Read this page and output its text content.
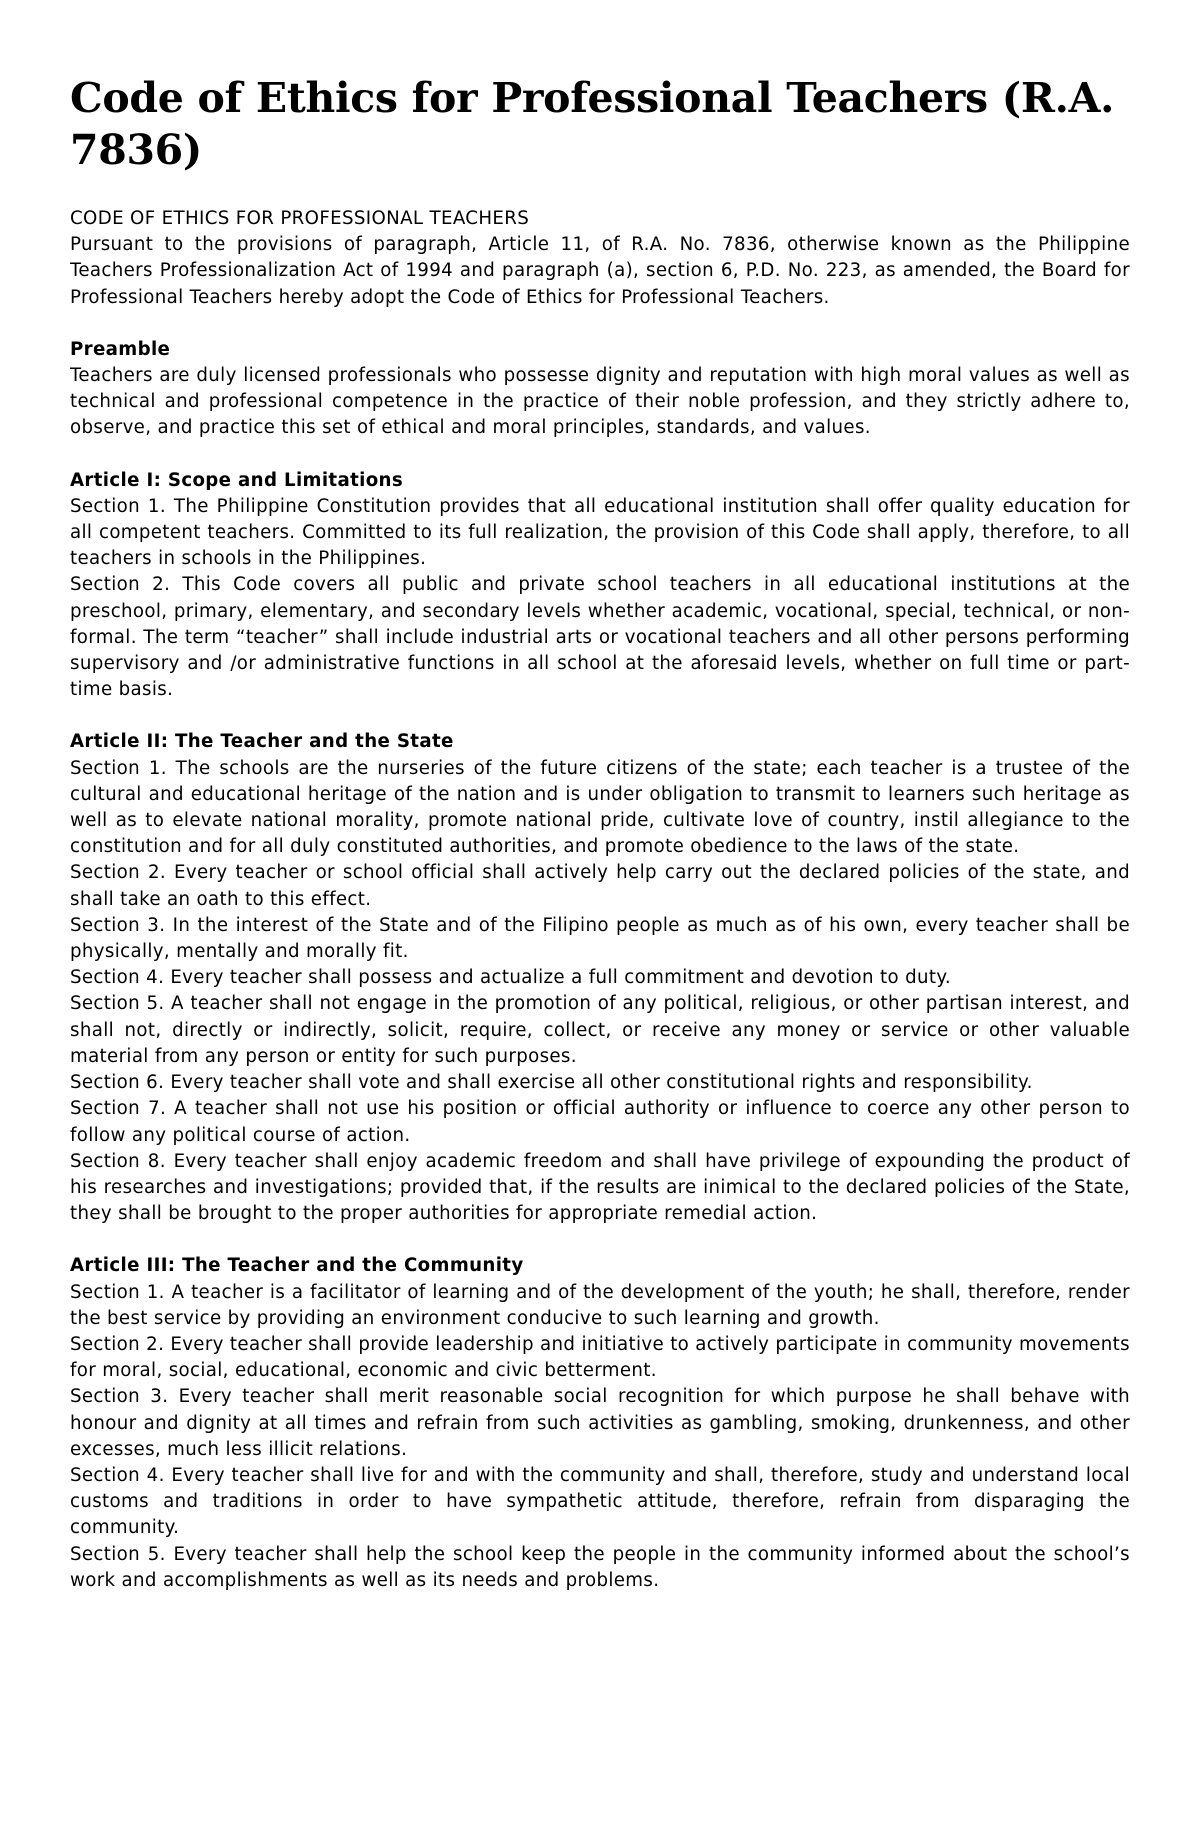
Code of Ethics for Professional Teachers (R.A. 7836)

CODE OF ETHICS FOR PROFESSIONAL TEACHERS

Pursuant to the provisions of paragraph, Article 11, of R.A. No. 7836, otherwise known as the Philippine Teachers Professionalization Act of 1994 and paragraph (a), section 6, P.D. No. 223, as amended, the Board for Professional Teachers hereby adopt the Code of Ethics for Professional Teachers.

Preamble

Teachers are duly licensed professionals who possesse dignity and reputation with high moral values as well as technical and professional competence in the practice of their noble profession, and they strictly adhere to, observe, and practice this set of ethical and moral principles, standards, and values.

Article I: Scope and Limitations

Section 1. The Philippine Constitution provides that all educational institution shall offer quality education for all competent teachers. Committed to its full realization, the provision of this Code shall apply, therefore, to all teachers in schools in the Philippines.

Section 2. This Code covers all public and private school teachers in all educational institutions at the preschool, primary, elementary, and secondary levels whether academic, vocational, special, technical, or non-formal. The term “teacher” shall include industrial arts or vocational teachers and all other persons performing supervisory and /or administrative functions in all school at the aforesaid levels, whether on full time or part-time basis.

Article II: The Teacher and the State

Section 1. The schools are the nurseries of the future citizens of the state; each teacher is a trustee of the cultural and educational heritage of the nation and is under obligation to transmit to learners such heritage as well as to elevate national morality, promote national pride, cultivate love of country, instil allegiance to the constitution and for all duly constituted authorities, and promote obedience to the laws of the state.

Section 2. Every teacher or school official shall actively help carry out the declared policies of the state, and shall take an oath to this effect.

Section 3. In the interest of the State and of the Filipino people as much as of his own, every teacher shall be physically, mentally and morally fit.

Section 4. Every teacher shall possess and actualize a full commitment and devotion to duty.

Section 5. A teacher shall not engage in the promotion of any political, religious, or other partisan interest, and shall not, directly or indirectly, solicit, require, collect, or receive any money or service or other valuable material from any person or entity for such purposes.

Section 6. Every teacher shall vote and shall exercise all other constitutional rights and responsibility.

Section 7. A teacher shall not use his position or official authority or influence to coerce any other person to follow any political course of action.

Section 8. Every teacher shall enjoy academic freedom and shall have privilege of expounding the product of his researches and investigations; provided that, if the results are inimical to the declared policies of the State, they shall be brought to the proper authorities for appropriate remedial action.

Article III: The Teacher and the Community

Section 1. A teacher is a facilitator of learning and of the development of the youth; he shall, therefore, render the best service by providing an environment conducive to such learning and growth.

Section 2. Every teacher shall provide leadership and initiative to actively participate in community movements for moral, social, educational, economic and civic betterment.

Section 3. Every teacher shall merit reasonable social recognition for which purpose he shall behave with honour and dignity at all times and refrain from such activities as gambling, smoking, drunkenness, and other excesses, much less illicit relations.

Section 4. Every teacher shall live for and with the community and shall, therefore, study and understand local customs and traditions in order to have sympathetic attitude, therefore, refrain from disparaging the community.

Section 5. Every teacher shall help the school keep the people in the community informed about the school’s work and accomplishments as well as its needs and problems.
